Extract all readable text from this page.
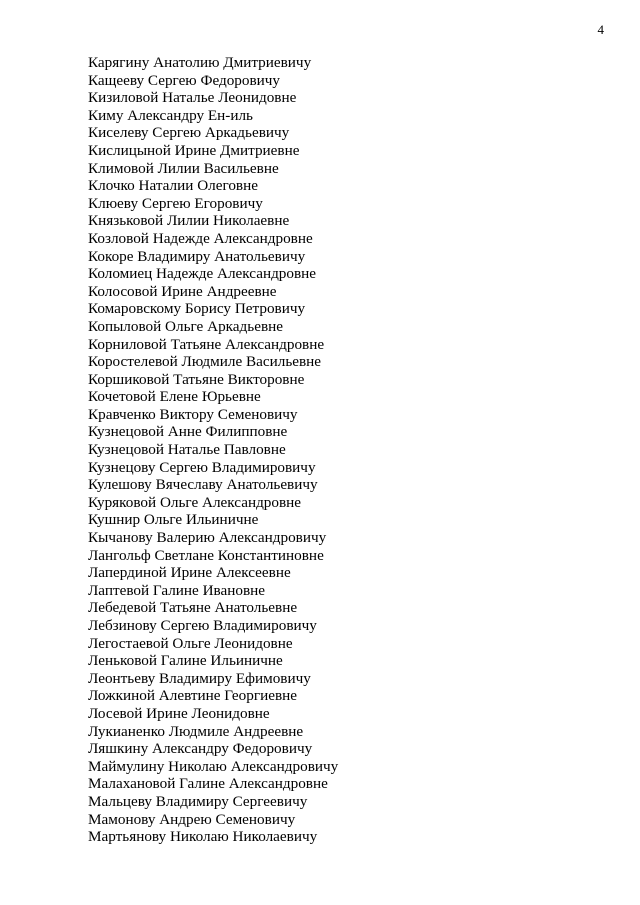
4
Карягину Анатолию Дмитриевичу
Кащееву Сергею Федоровичу
Кизиловой Наталье Леонидовне
Киму Александру Ен-иль
Киселеву Сергею Аркадьевичу
Кислицыной Ирине Дмитриевне
Климовой Лилии Васильевне
Клочко Наталии Олеговне
Клюеву Сергею Егоровичу
Князьковой Лилии Николаевне
Козловой Надежде Александровне
Кокоре Владимиру Анатольевичу
Коломиец Надежде Александровне
Колосовой Ирине Андреевне
Комаровскому Борису Петровичу
Копыловой Ольге Аркадьевне
Корниловой Татьяне Александровне
Коростелевой Людмиле Васильевне
Коршиковой Татьяне Викторовне
Кочетовой Елене Юрьевне
Кравченко Виктору Семеновичу
Кузнецовой Анне Филипповне
Кузнецовой Наталье Павловне
Кузнецову Сергею Владимировичу
Кулешову Вячеславу Анатольевичу
Куряковой Ольге Александровне
Кушнир Ольге Ильиничне
Кычанову Валерию Александровичу
Лангольф Светлане Константиновне
Лапердиной Ирине Алексеевне
Лаптевой Галине Ивановне
Лебедевой Татьяне Анатольевне
Лебзинову Сергею Владимировичу
Легостаевой Ольге Леонидовне
Леньковой Галине Ильиничне
Леонтьеву Владимиру Ефимовичу
Ложкиной Алевтине Георгиевне
Лосевой Ирине Леонидовне
Лукианенко Людмиле Андреевне
Ляшкину Александру Федоровичу
Маймулину Николаю Александровичу
Малахановой Галине Александровне
Мальцеву Владимиру Сергеевичу
Мамонову Андрею Семеновичу
Мартьянову Николаю Николаевичу
